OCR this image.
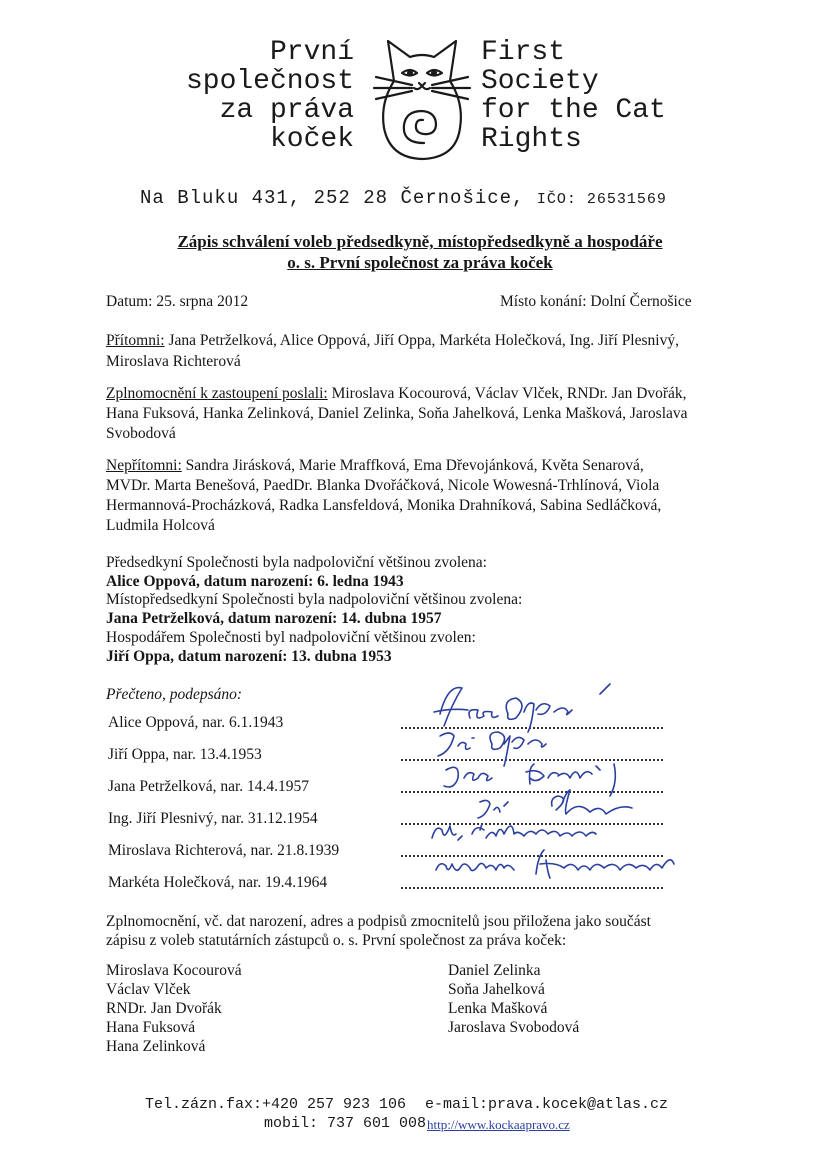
První
společnost
za práva
koček
First
Society
for the Cat
Rights
Na Bluku 431, 252 28 Černošice, IČO: 26531569
Zápis schválení voleb předsedkyně, místopředsedkyně a hospodáře
o. s. První společnost za práva koček
Datum: 25. srpna 2012	Místo konání: Dolní Černošice
Přítomni: Jana Petrželková, Alice Oppová, Jiří Oppa, Markéta Holečková, Ing. Jiří Plesnivý,
Miroslava Richterová
Zplnomocnění k zastoupení poslali: Miroslava Kocourová, Václav Vlček, RNDr. Jan Dvořák,
Hana Fuksová, Hanka Zelinková, Daniel Zelinka, Soňa Jahelková, Lenka Mašková, Jaroslava
Svobodová
Nepřítomni: Sandra Jirásková, Marie Mraffková, Ema Dřevojánková, Květa Senarová,
MVDr. Marta Benešová, PaedDr. Blanka Dvořáčková, Nicole Wowesná-Trhlínová, Viola
Hermannová-Procházková, Radka Lansfeldová, Monika Drahníková, Sabina Sedláčková,
Ludmila Holcová
Předsedkyní Společnosti byla nadpoloviční většinou zvolena:
Alice Oppová, datum narození: 6. ledna 1943
Místopředsedkyní Společnosti byla nadpoloviční většinou zvolena:
Jana Petrželková, datum narození: 14. dubna 1957
Hospodářem Společnosti byl nadpoloviční většinou zvolen:
Jiří Oppa, datum narození: 13. dubna 1953
Přečteno, podepsáno:
Alice Oppová, nar. 6.1.1943
Jiří Oppa, nar. 13.4.1953
Jana Petrželková, nar. 14.4.1957
Ing. Jiří Plesnivý, nar. 31.12.1954
Miroslava Richterová, nar. 21.8.1939
Markéta Holečková, nar. 19.4.1964
Zplnomocnění, vč. dat narození, adres a podpisů zmocnitelů jsou přiložena jako součást
zápisu z voleb statutárních zástupců o. s. První společnost za práva koček:
Miroslava Kocourová
Václav Vlček
RNDr. Jan Dvořák
Hana Fuksová
Hana Zelinková
Daniel Zelinka
Soňa Jahelková
Lenka Mašková
Jaroslava Svobodová
Tel.zázn.fax:+420 257 923 106 e-mail:prava.kocek@atlas.cz
mobil: 737 601 008 http://www.kockaapravo.cz
